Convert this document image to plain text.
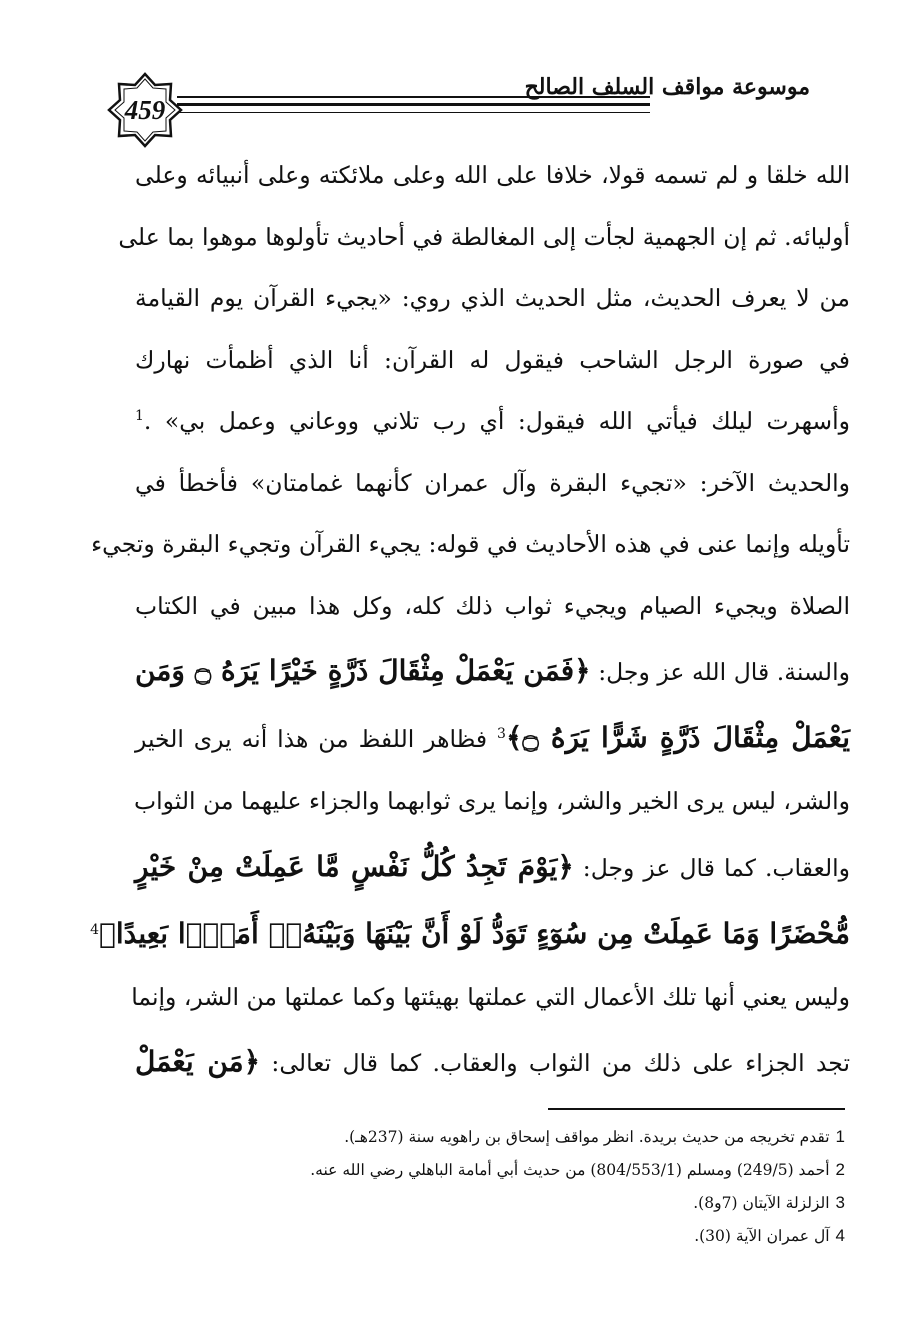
459
موسوعة مواقف السلف الصالح
الله خلقا و لم تسمه قولا، خلافا على الله وعلى ملائكته وعلى أنبيائه وعلى
أوليائه. ثم إن الجهمية لجأت إلى المغالطة في أحاديث تأولوها موهوا بما على
من لا يعرف الحديث، مثل الحديث الذي روي: «يجيء القرآن يوم القيامة
في صورة الرجل الشاحب فيقول له القرآن: أنا الذي أظمأت نهارك
وأسهرت ليلك فيأتي الله فيقول: أي رب تلاني ووعاني وعمل بي» .$^1$
والحديث الآخر: «تجيء البقرة وآل عمران كأنهما غمامتان» فأخطأ في
تأويله وإنما عنى في هذه الأحاديث في قوله: يجيء القرآن وتجيء البقرة وتجيء
الصلاة ويجيء الصيام ويجيء ثواب ذلك كله، وكل هذا مبين في الكتاب
والسنة. قال الله عز وجل: ﴿فَمَن يَعْمَلْ مِثْقَالَ ذَرَّةٍ خَيْرًا يَرَهُ ۝ وَمَن
يَعْمَلْ مِثْقَالَ ذَرَّةٍ شَرًّا يَرَهُ ۝﴾$^3$ فظاهر اللفظ من هذا أنه يرى الخير
والشر، ليس يرى الخير والشر، وإنما يرى ثوابهما والجزاء عليهما من الثواب
والعقاب. كما قال عز وجل: ﴿يَوْمَ تَجِدُ كُلُّ نَفْسٍ مَّا عَمِلَتْ مِنْ خَيْرٍ
مُّحْضَرًا وَمَا عَمِلَتْ مِن سُوٓءٍ تَوَدُّ لَوْ أَنَّ بَيْنَهَا وَبَيْنَهُۥٓ أَمَدًۢا بَعِيدًا﴾$^4$
وليس يعني أنها تلك الأعمال التي عملتها بهيئتها وكما عملتها من الشر، وإنما
تجد الجزاء على ذلك من الثواب والعقاب. كما قال تعالى: ﴿مَن يَعْمَلْ
1تقدم تخريجه من حديث بريدة. انظر مواقف إسحاق بن راهويه سنة (237هـ).
2أحمد (249/5) ومسلم (804/553/1) من حديث أبي أمامة الباهلي رضي الله عنه.
3الزلزلة الآيتان (7و8).
4آل عمران الآية (30).
